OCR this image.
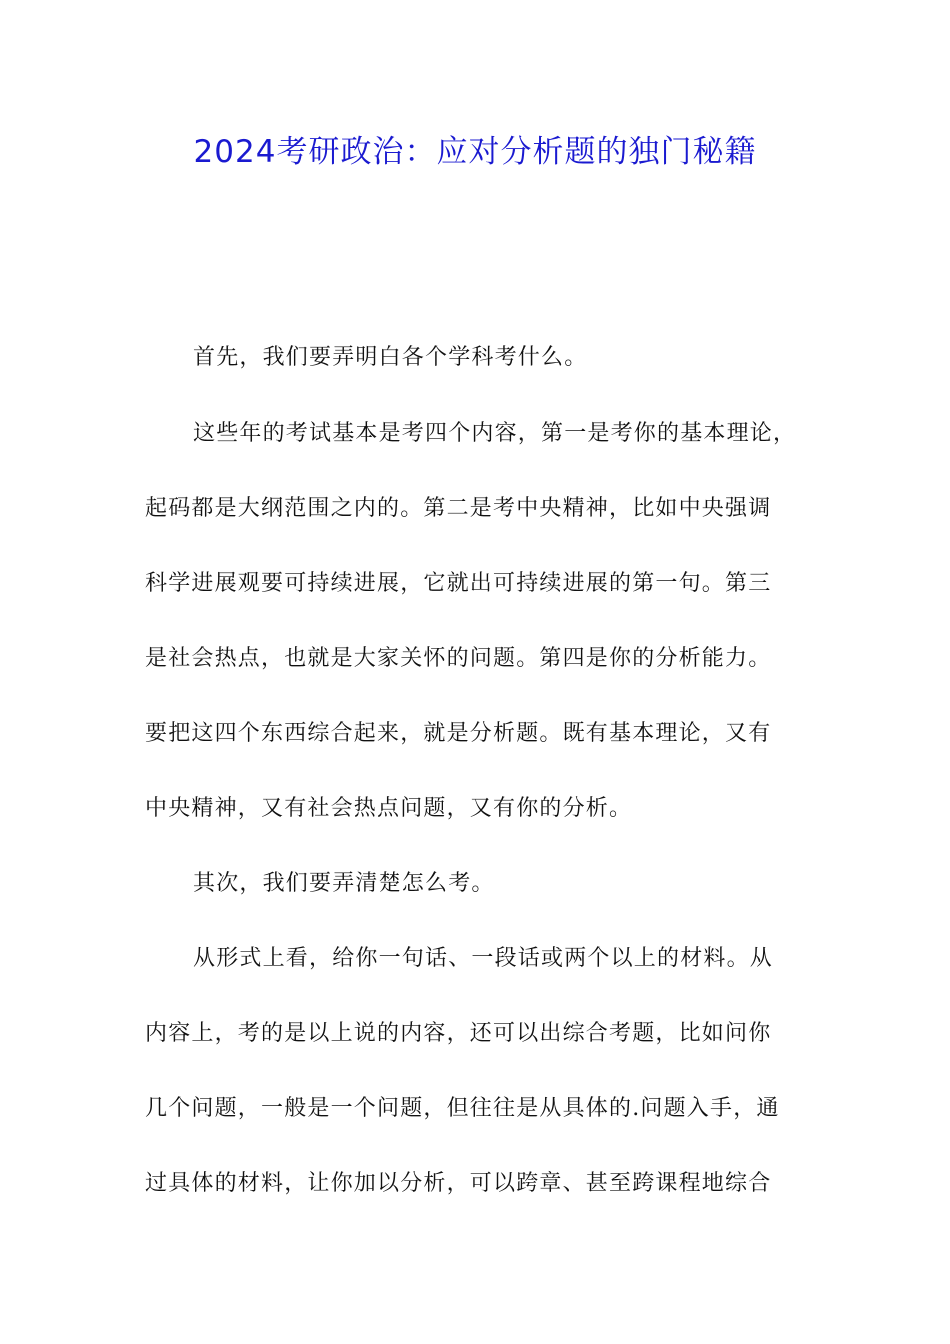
2024考研政治：应对分析题的独门秘籍
首先，我们要弄明白各个学科考什么。
这些年的考试基本是考四个内容，第一是考你的基本理论，
起码都是大纲范围之内的。第二是考中央精神，比如中央强调
科学进展观要可持续进展，它就出可持续进展的第一句。第三
是社会热点，也就是大家关怀的问题。第四是你的分析能力。
要把这四个东西综合起来，就是分析题。既有基本理论，又有
中央精神，又有社会热点问题，又有你的分析。
其次，我们要弄清楚怎么考。
从形式上看，给你一句话、一段话或两个以上的材料。从
内容上，考的是以上说的内容，还可以出综合考题，比如问你
几个问题，一般是一个问题，但往往是从具体的.问题入手，通
过具体的材料，让你加以分析，可以跨章、甚至跨课程地综合
